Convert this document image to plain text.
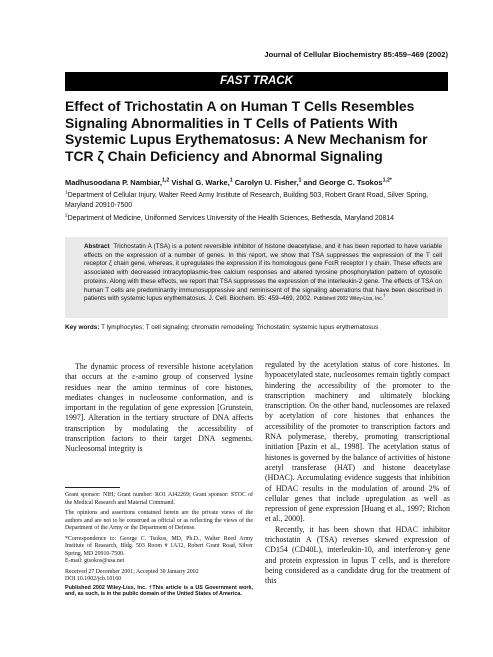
Journal of Cellular Biochemistry 85:459–469 (2002)
FAST TRACK
Effect of Trichostatin A on Human T Cells Resembles Signaling Abnormalities in T Cells of Patients With Systemic Lupus Erythematosus: A New Mechanism for TCR ζ Chain Deficiency and Abnormal Signaling
Madhusoodana P. Nambiar,$^{1,2}$ Vishal G. Warke,$^1$ Carolyn U. Fisher,$^1$ and George C. Tsokos$^{1,2*}$

$^1$Department of Cellular Injury, Walter Reed Army Institute of Research, Building 503, Robert Grant Road, Silver Spring, Maryland 20910-7500

$^2$Department of Medicine, Uniformed Services University of the Health Sciences, Bethesda, Maryland 20814

Abstract Trichostatin A (TSA) is a potent reversible inhibitor of histone deacetylase, and it has been reported to have variable effects on the expression of a number of genes. In this report, we show that TSA suppresses the expression of the T cell receptor ζ chain gene, whereas, it upregulates the expression if its homologous gene FcεR receptor I γ chain. These effects are associated with decreased intracytoplasmic-free calcium responses and altered tyrosine phosphorylation pattern of cytosolic proteins. Along with these effects, we report that TSA suppresses the expression of the interleukin-2 gene. The effects of TSA on human T cells are predominantly immunosuppressive and reminiscent of the signaling aberrations that have been described in patients with systemic lupus erythematosus. J. Cell. Biochem. 85: 459–469, 2002. Published 2002 Wiley-Liss, Inc.†

Key words: T lymphocytes; T cell signaling; chromatin remodeling; Trichostatin; systemic lupus erythematosus

The dynamic process of reversible histone acetylation that occurs at the ε-amino group of conserved lysine residues near the amino terminus of core histones, mediates changes in nucleosome conformation, and is important in the regulation of gene expression [Grunstein, 1997]. Alteration in the tertiary structure of DNA affects transcription by modulating the accessibility of transcription factors to their target DNA segments. Nucleosomal integrity is

regulated by the acetylation status of core histones. In hypoacetylated state, nucleosomes remain tightly compact hindering the accessibility of the promoter to the transcription machinery and ultimately blocking transcription. On the other hand, nucleosomes are relaxed by acetylation of core histones that enhances the accessibility of the promoter to transcription factors and RNA polymerase, thereby, promoting transcriptional initiation [Pazin et al., 1998]. The acetylation status of histones is governed by the balance of activities of histone acetyl transferase (HAT) and histone deacetylase (HDAC). Accumulating evidence suggests that inhibition of HDAC results in the modulation of around 2% of cellular genes that include upregulation as well as repression of gene expression [Huang et al., 1997; Richon et al., 2000].

Recently, it has been shown that HDAC inhibitor trichostatin A (TSA) reverses skewed expression of CD154 (CD40L), interleukin-10, and interferon-γ gene and protein expression in lupus T cells, and is therefore being considered as a candidate drug for the treatment of this

Grant sponsor: NIH; Grant number: RO1 AI42269; Grant sponsor: STOC of the Medical Research and Material Command.

The opinions and assertions contained herein are the private views of the authors and are not to be construed as official or as reflecting the views of the Department of the Army or the Department of Defense.

*Correspondence to: George C. Tsokos, MD, Ph.D., Walter Reed Army Institute of Research, Bldg. 503 Room # 1A32, Robert Grant Road, Silver Spring, MD 20910-7500.

E-mail: gtsokos@usa.net

Received 27 December 2001; Accepted 30 January 2002

DOI 10.1002/jcb.10160

Published 2002 Wiley-Liss, Inc. †This article is a US Government work, and, as such, is in the public domain of the United States of America.
